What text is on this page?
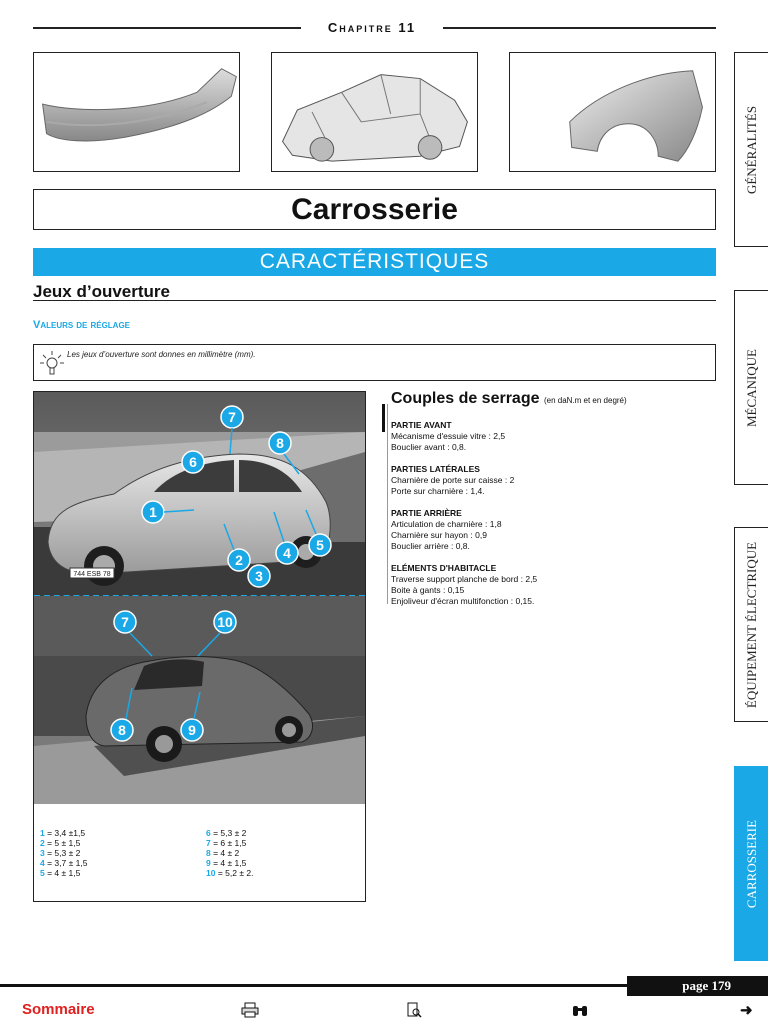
Chapitre 11
Carrosserie
CARACTÉRISTIQUES
Jeux d’ouverture
Valeurs de réglage
Les jeux d’ouverture sont donnes en millimètre (mm).
744 ESB 78
7
8
6
1
2	4 5
3
7	10
8	9
1 = 3,4 ±1,5
2 = 5 ± 1,5
3 = 5,3 ± 2
4 = 3,7 ± 1,5
5 = 4 ± 1,5
6 = 5,3 ± 2
7 = 6 ± 1,5
8 = 4 ± 2
9 = 4 ± 1,5
10 = 5,2 ± 2.
Couples de serrage (en daN.m et en degré)
PARTIE AVANT
Mécanisme d'essuie vitre : 2,5
Bouclier avant : 0,8.
PARTIES LATÉRALES
Charnière de porte sur caisse : 2
Porte sur charnière : 1,4.
PARTIE ARRIÈRE
Articulation de charnière : 1,8
Charnière sur hayon : 0,9
Bouclier arrière : 0,8.
ELÉMENTS D'HABITACLE
Traverse support planche de bord : 2,5
Boite à gants : 0,15
Enjoliveur d'écran multifonction : 0,15.
GÉNÉRALITÉS
MÉCANIQUE
ÉQUIPEMENT ÉLECTRIQUE
CARROSSERIE
page 179
Sommaire	➜
